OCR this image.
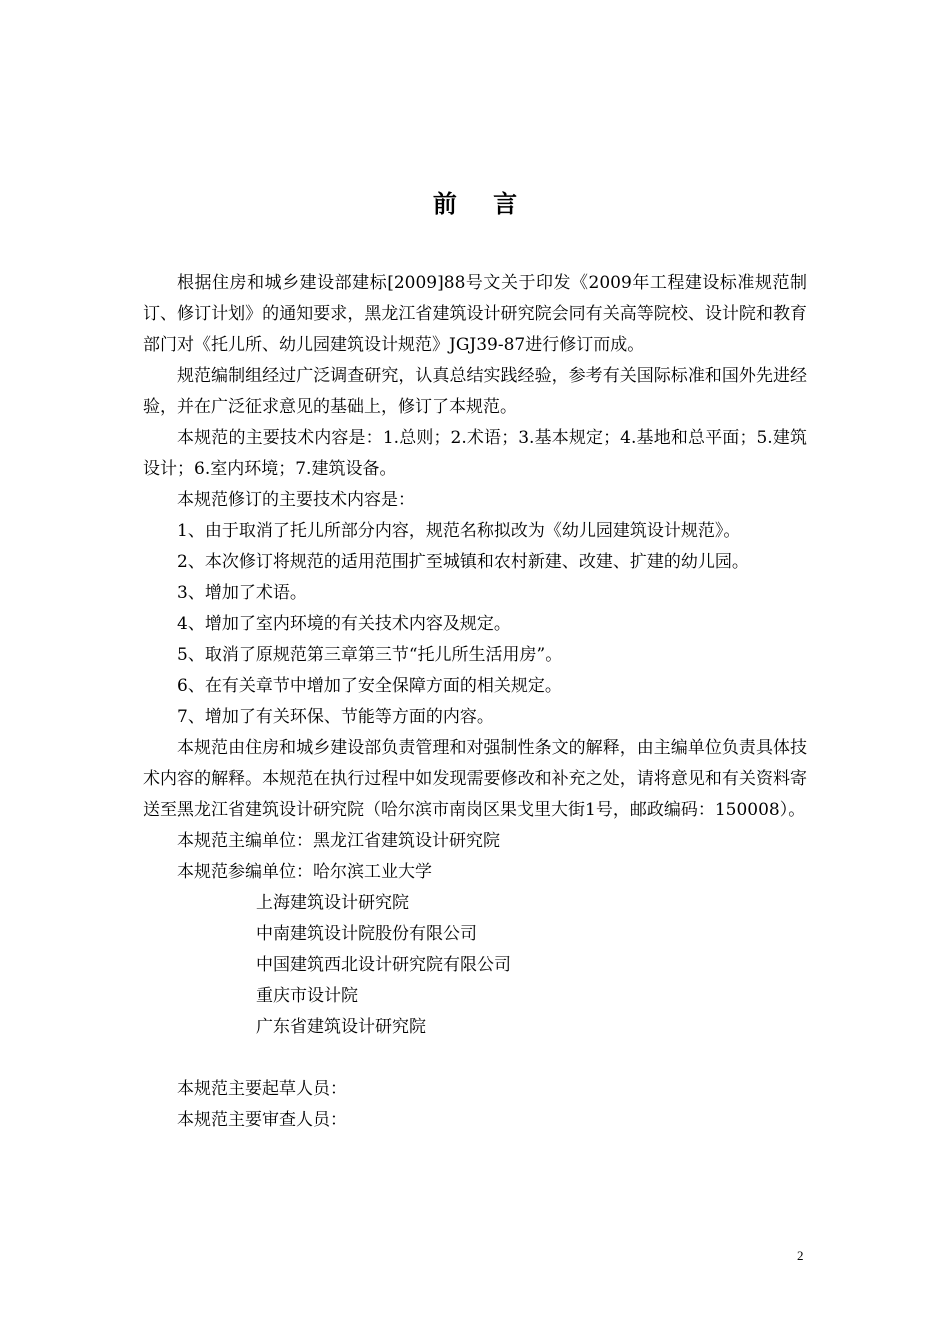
前 言

根据住房和城乡建设部建标[2009]88号文关于印发《2009年工程建设标准规范制订、修订计划》的通知要求，黑龙江省建筑设计研究院会同有关高等院校、设计院和教育部门对《托儿所、幼儿园建筑设计规范》JGJ39-87进行修订而成。

规范编制组经过广泛调查研究，认真总结实践经验，参考有关国际标准和国外先进经验，并在广泛征求意见的基础上，修订了本规范。

本规范的主要技术内容是：1.总则；2.术语；3.基本规定；4.基地和总平面；5.建筑设计；6.室内环境；7.建筑设备。

本规范修订的主要技术内容是：

1、由于取消了托儿所部分内容，规范名称拟改为《幼儿园建筑设计规范》。

2、本次修订将规范的适用范围扩至城镇和农村新建、改建、扩建的幼儿园。

3、增加了术语。

4、增加了室内环境的有关技术内容及规定。

5、取消了原规范第三章第三节“托儿所生活用房”。

6、在有关章节中增加了安全保障方面的相关规定。

7、增加了有关环保、节能等方面的内容。

本规范由住房和城乡建设部负责管理和对强制性条文的解释，由主编单位负责具体技术内容的解释。本规范在执行过程中如发现需要修改和补充之处，请将意见和有关资料寄送至黑龙江省建筑设计研究院（哈尔滨市南岗区果戈里大街1号，邮政编码：150008）。

本规范主编单位：黑龙江省建筑设计研究院

本规范参编单位：哈尔滨工业大学

上海建筑设计研究院

中南建筑设计院股份有限公司

中国建筑西北设计研究院有限公司

重庆市设计院

广东省建筑设计研究院

本规范主要起草人员：

本规范主要审查人员：

2
